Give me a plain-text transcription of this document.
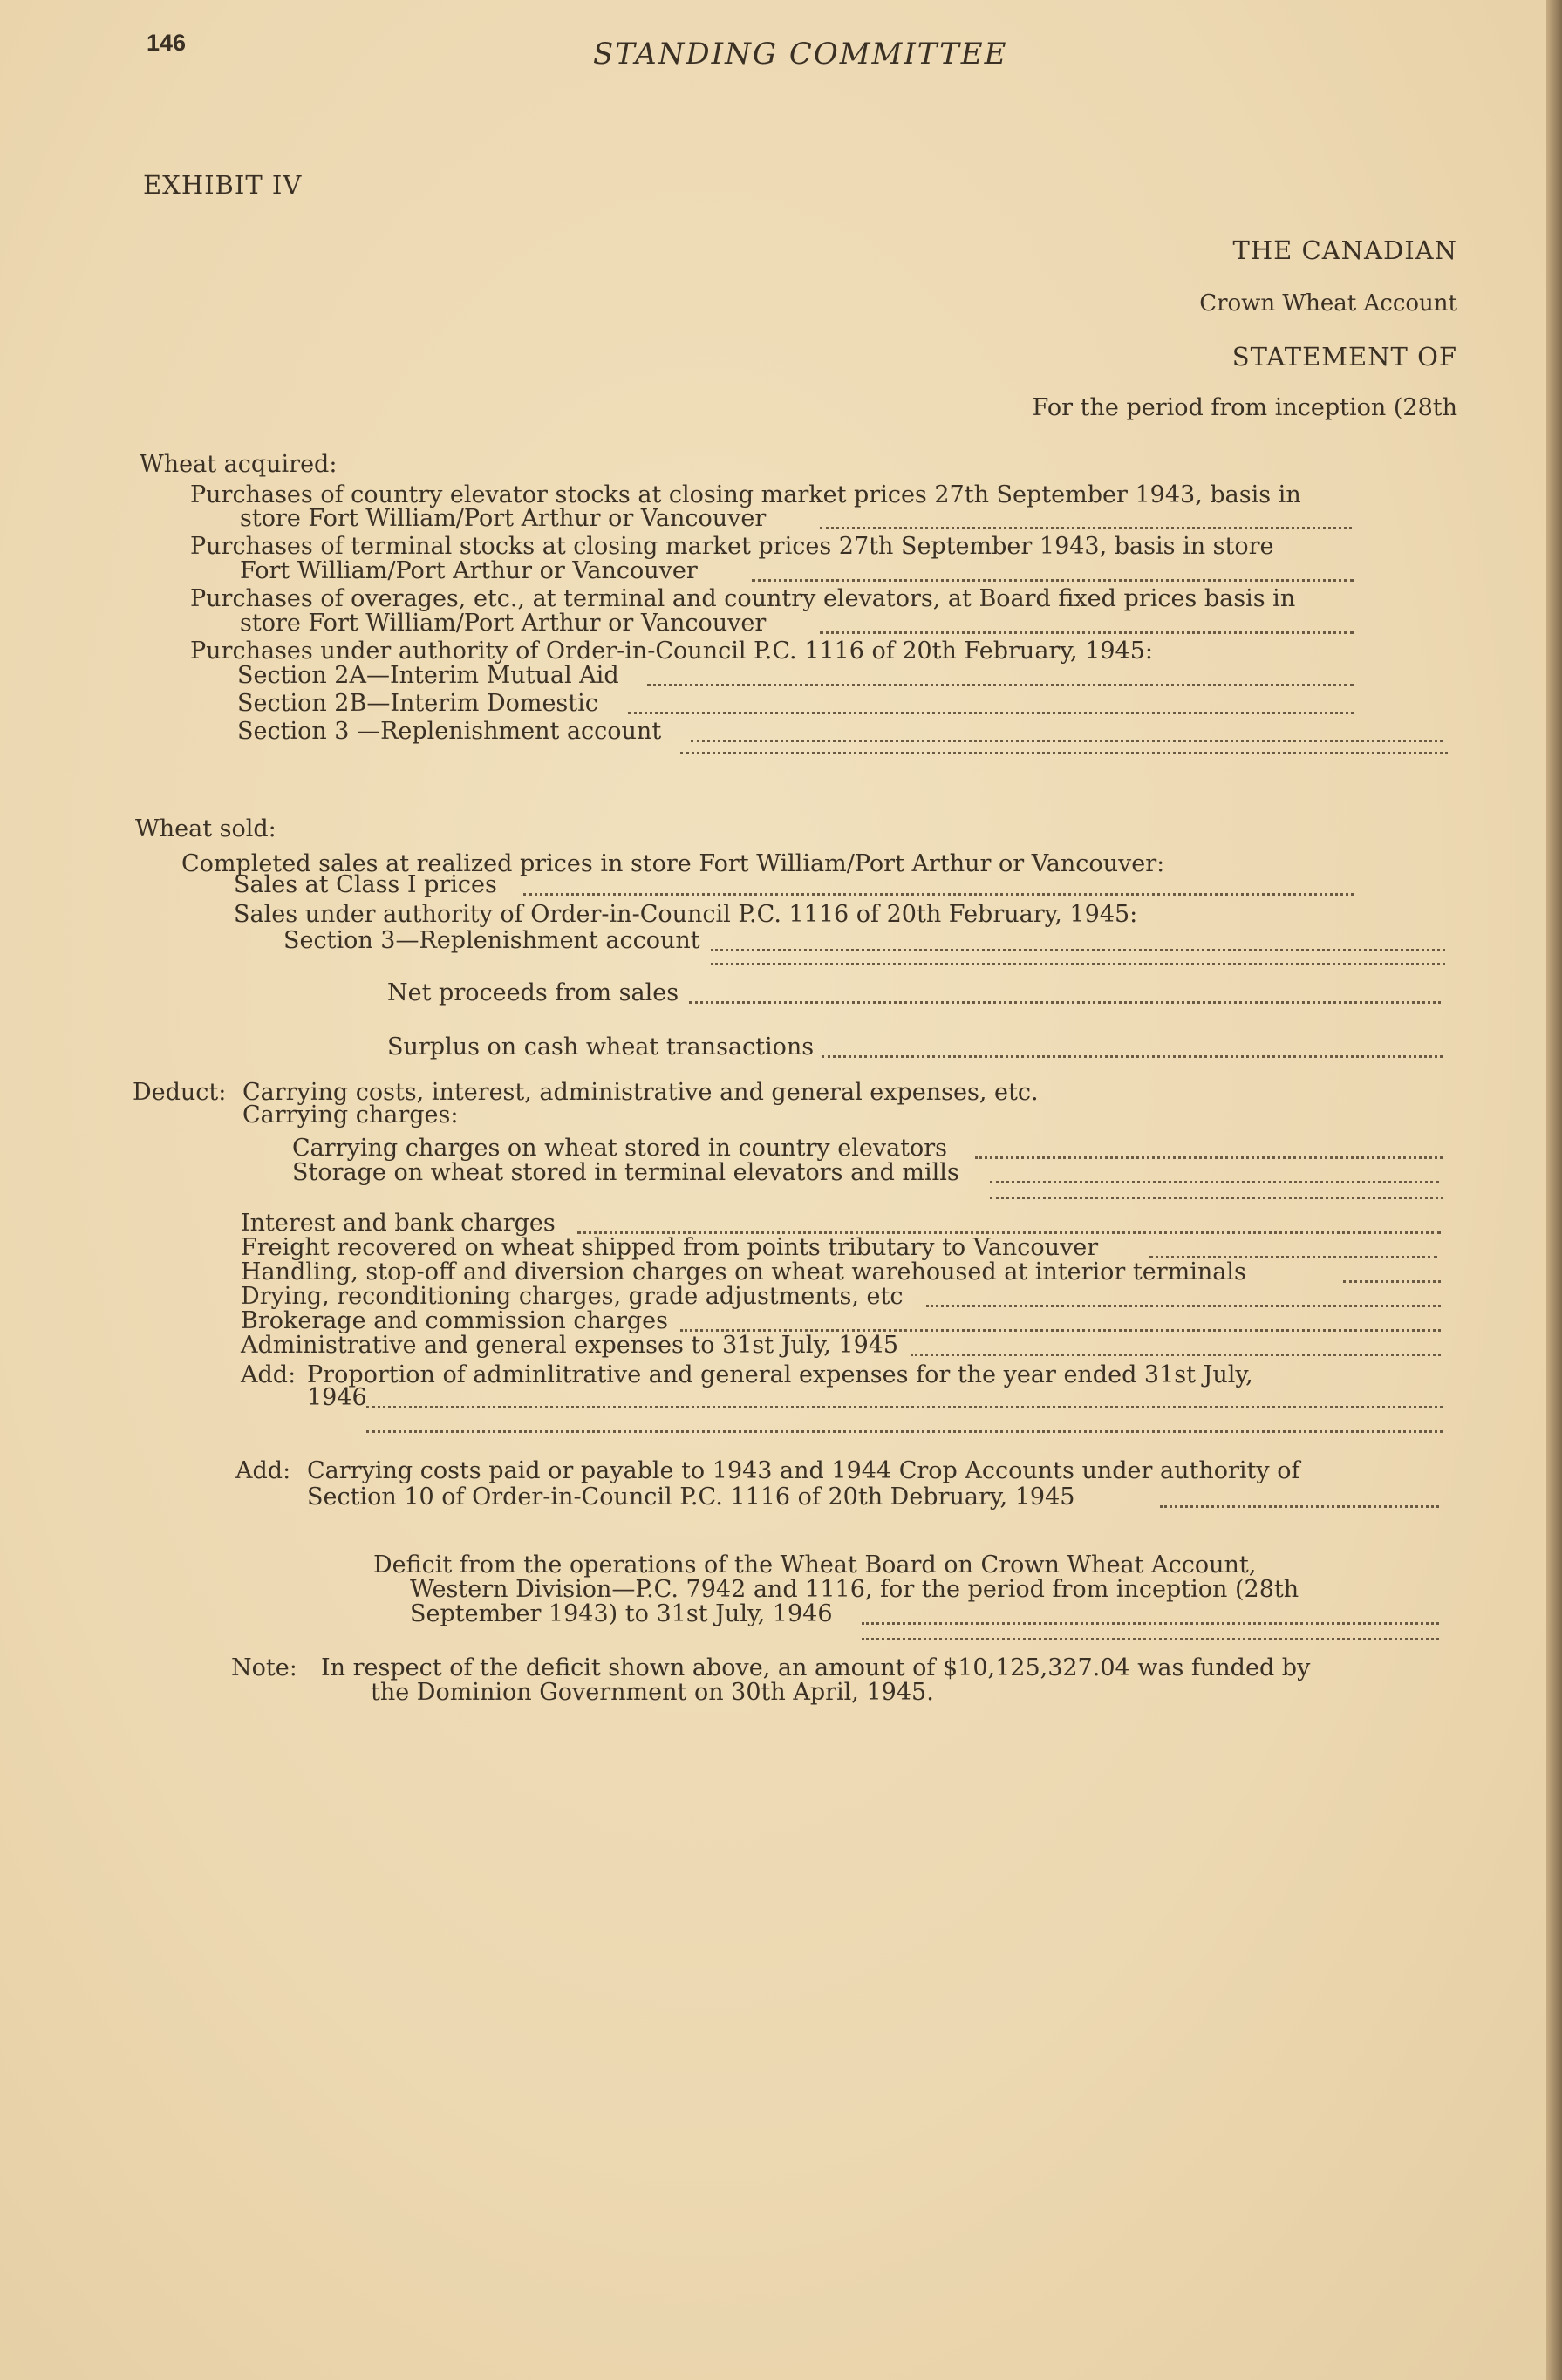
146	STANDING COMMITTEE
EXHIBIT IV
THE CANADIAN
Crown Wheat Account
STATEMENT OF
For the period from inception (28th
Wheat acquired:
Purchases of country elevator stocks at closing market prices 27th September 1943, basis in
store Fort William/Port Arthur or Vancouver
Purchases of terminal stocks at closing market prices 27th September 1943, basis in store
Fort William/Port Arthur or Vancouver
Purchases of overages, etc., at terminal and country elevators, at Board fixed prices basis in
store Fort William/Port Arthur or Vancouver
Purchases under authority of Order-in-Council P.C. 1116 of 20th February, 1945:
Section 2A—Interim Mutual Aid
Section 2B—Interim Domestic
Section 3 —Replenishment account
Wheat sold:
Completed sales at realized prices in store Fort William/Port Arthur or Vancouver:
Sales at Class I prices
Sales under authority of Order-in-Council P.C. 1116 of 20th February, 1945:
Section 3—Replenishment account
Net proceeds from sales
Surplus on cash wheat transactions
Deduct: Carrying costs, interest, administrative and general expenses, etc.
Carrying charges:
Carrying charges on wheat stored in country elevators
Storage on wheat stored in terminal elevators and mills
Interest and bank charges
Freight recovered on wheat shipped from points tributary to Vancouver
Handling, stop-off and diversion charges on wheat warehoused at interior terminals
Drying, reconditioning charges, grade adjustments, etc
Brokerage and commission charges
Administrative and general expenses to 31st July, 1945
Add: Proportion of adminlitrative and general expenses for the year ended 31st July,
1946
Add: Carrying costs paid or payable to 1943 and 1944 Crop Accounts under authority of
Section 10 of Order-in-Council P.C. 1116 of 20th Debruary, 1945
Deficit from the operations of the Wheat Board on Crown Wheat Account,
Western Division—P.C. 7942 and 1116, for the period from inception (28th
September 1943) to 31st July, 1946
Note: In respect of the deficit shown above, an amount of $10,125,327.04 was funded by
the Dominion Government on 30th April, 1945.
